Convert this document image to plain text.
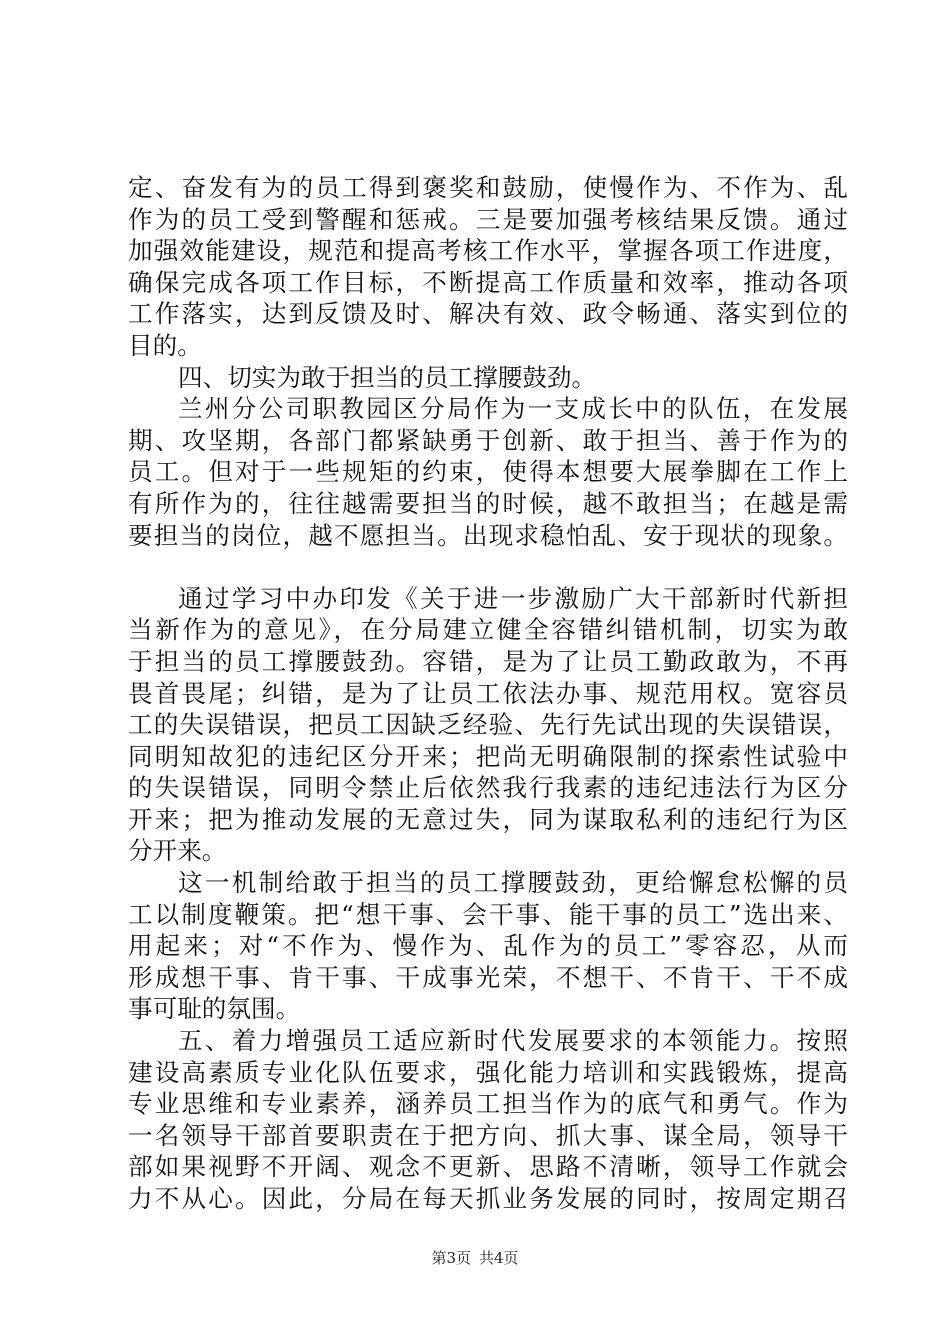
定、奋发有为的员工得到褒奖和鼓励，使慢作为、不作为、乱
作为的员工受到警醒和惩戒。三是要加强考核结果反馈。通过
加强效能建设，规范和提高考核工作水平，掌握各项工作进度，
确保完成各项工作目标，不断提高工作质量和效率，推动各项
工作落实，达到反馈及时、解决有效、政令畅通、落实到位的
目的。
四、切实为敢于担当的员工撑腰鼓劲。
兰州分公司职教园区分局作为一支成长中的队伍，在发展
期、攻坚期，各部门都紧缺勇于创新、敢于担当、善于作为的
员工。但对于一些规矩的约束，使得本想要大展拳脚在工作上
有所作为的，往往越需要担当的时候，越不敢担当；在越是需
要担当的岗位，越不愿担当。出现求稳怕乱、安于现状的现象。
通过学习中办印发《关于进一步激励广大干部新时代新担
当新作为的意见》，在分局建立健全容错纠错机制，切实为敢
于担当的员工撑腰鼓劲。容错，是为了让员工勤政敢为，不再
畏首畏尾；纠错，是为了让员工依法办事、规范用权。宽容员
工的失误错误，把员工因缺乏经验、先行先试出现的失误错误，
同明知故犯的违纪区分开来；把尚无明确限制的探索性试验中
的失误错误，同明令禁止后依然我行我素的违纪违法行为区分
开来；把为推动发展的无意过失，同为谋取私利的违纪行为区
分开来。
这一机制给敢于担当的员工撑腰鼓劲，更给懈怠松懈的员
工以制度鞭策。把“想干事、会干事、能干事的员工”选出来、
用起来；对“不作为、慢作为、乱作为的员工”零容忍，从而
形成想干事、肯干事、干成事光荣，不想干、不肯干、干不成
事可耻的氛围。
五、着力增强员工适应新时代发展要求的本领能力。按照
建设高素质专业化队伍要求，强化能力培训和实践锻炼，提高
专业思维和专业素养，涵养员工担当作为的底气和勇气。作为
一名领导干部首要职责在于把方向、抓大事、谋全局，领导干
部如果视野不开阔、观念不更新、思路不清晰，领导工作就会
力不从心。因此，分局在每天抓业务发展的同时，按周定期召
第3页 共4页
